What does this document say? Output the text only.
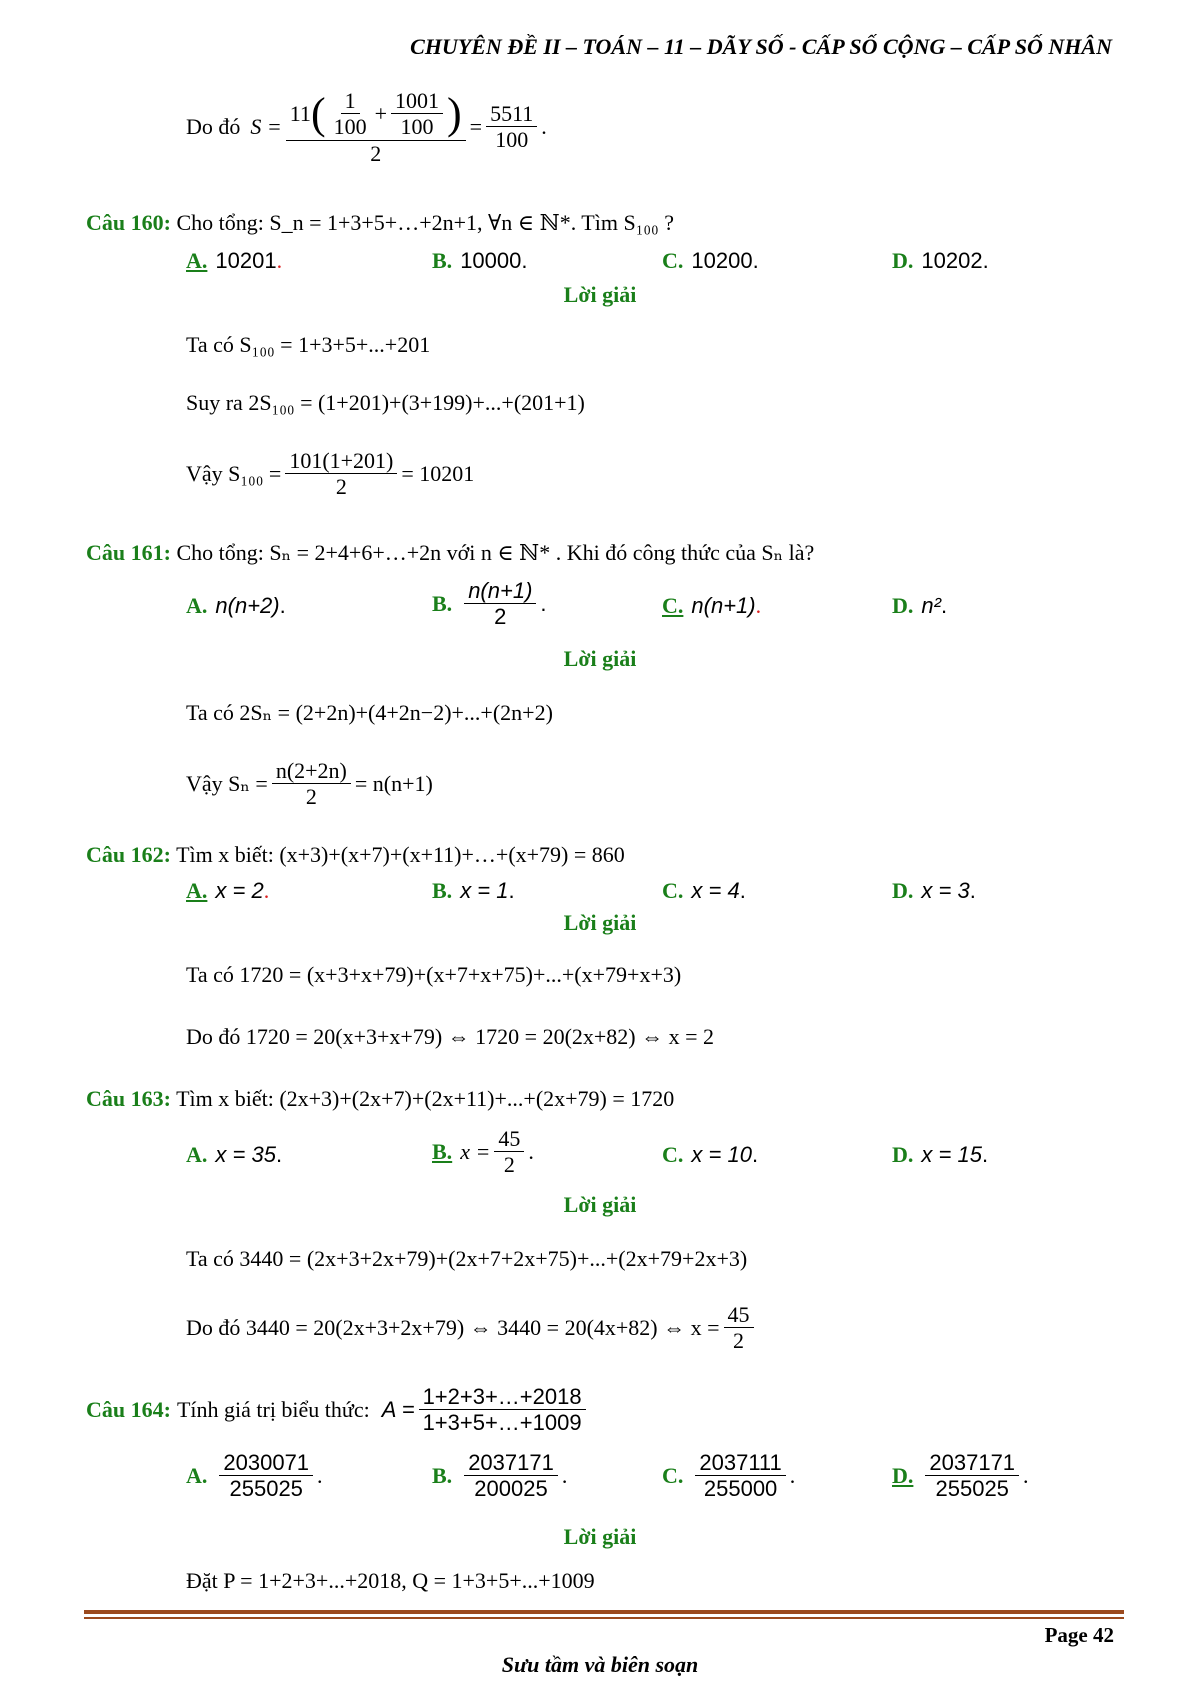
CHUYÊN ĐỀ II – TOÁN – 11 – DÃY SỐ - CẤP SỐ CỘNG – CẤP SỐ NHÂN
Do đó S =
11 ( $\frac{1}{100} + \frac{1001}{100}$ )
2
= $\frac{5511}{100}$ .
Câu 160: Cho tổng: S_n = 1+3+5+…+2n+1, ∀n ∈ ℕ*. Tìm S₁₀₀ ?
A. 10201 .	B. 10000 .	C. 10200 .	D. 10202 .
Lời giải
Ta có S₁₀₀ = 1+3+5+...+201
Suy ra 2S₁₀₀ = (1+201)+(3+199)+...+(201+1)
Vậy $S_{100} = \frac{101(1+201)}{2} = 10201$
Câu 161: Cho tổng: Sₙ = 2+4+6+…+2n với n ∈ ℕ* . Khi đó công thức của Sₙ là?
A. n(n+2) .	B. $\frac{n(n+1)}{2}$ .	C. n(n+1) .	D. n² .
Lời giải
Ta có 2Sₙ = (2+2n)+(4+2n−2)+...+(2n+2)
Vậy $S_n = \frac{n(2+2n)}{2} = n(n+1)$
Câu 162: Tìm x biết: (x+3)+(x+7)+(x+11)+…+(x+79) = 860
A. x = 2 .	B. x = 1 .	C. x = 4 .	D. x = 3 .
Lời giải
Ta có 1720 = (x+3+x+79)+(x+7+x+75)+...+(x+79+x+3)
Do đó 1720 = 20(x+3+x+79) ⇔ 1720 = 20(2x+82) ⇔ x = 2
Câu 163: Tìm x biết: (2x+3)+(2x+7)+(2x+11)+...+(2x+79) = 1720
A. x = 35 .	B. $x = \frac{45}{2}$ .	C. x = 10 .	D. x = 15 .
Lời giải
Ta có 3440 = (2x+3+2x+79)+(2x+7+2x+75)+...+(2x+79+2x+3)
Do đó 3440 = 20(2x+3+2x+79) ⇔ 3440 = 20(4x+82) ⇔ $x = \frac{45}{2}$
Câu 164: Tính giá trị biểu thức: $A = \frac{1+2+3+\dots+2018}{1+3+5+\dots+1009}$
A. $\frac{2030071}{255025}$ .	B. $\frac{2037171}{200025}$ .	C. $\frac{2037111}{255000}$ .	D. $\frac{2037171}{255025}$ .
Lời giải
Đặt P = 1+2+3+...+2018, Q = 1+3+5+...+1009
Page 42
Sưu tầm và biên soạn
